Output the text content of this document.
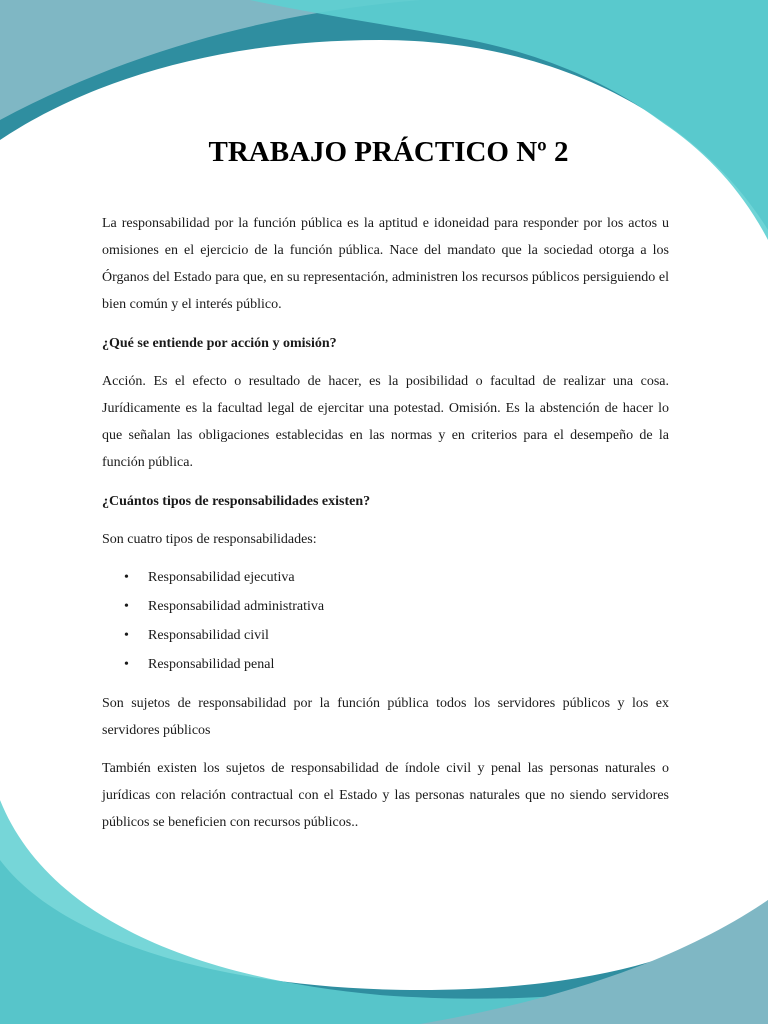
TRABAJO PRÁCTICO Nº 2

La responsabilidad por la función pública es la aptitud e idoneidad para responder por los actos u omisiones en el ejercicio de la función pública. Nace del mandato que la sociedad otorga a los Órganos del Estado para que, en su representación, administren los recursos públicos persiguiendo el bien común y el interés público.

¿Qué se entiende por acción y omisión?

Acción. Es el efecto o resultado de hacer, es la posibilidad o facultad de realizar una cosa. Jurídicamente es la facultad legal de ejercitar una potestad. Omisión. Es la abstención de hacer lo que señalan las obligaciones establecidas en las normas y en criterios para el desempeño de la función pública.

¿Cuántos tipos de responsabilidades existen?

Son cuatro tipos de responsabilidades:

• Responsabilidad ejecutiva
• Responsabilidad administrativa
• Responsabilidad civil
• Responsabilidad penal

Son sujetos de responsabilidad por la función pública todos los servidores públicos y los ex servidores públicos

También existen los sujetos de responsabilidad de índole civil y penal las personas naturales o jurídicas con relación contractual con el Estado y las personas naturales que no siendo servidores públicos se beneficien con recursos públicos..
